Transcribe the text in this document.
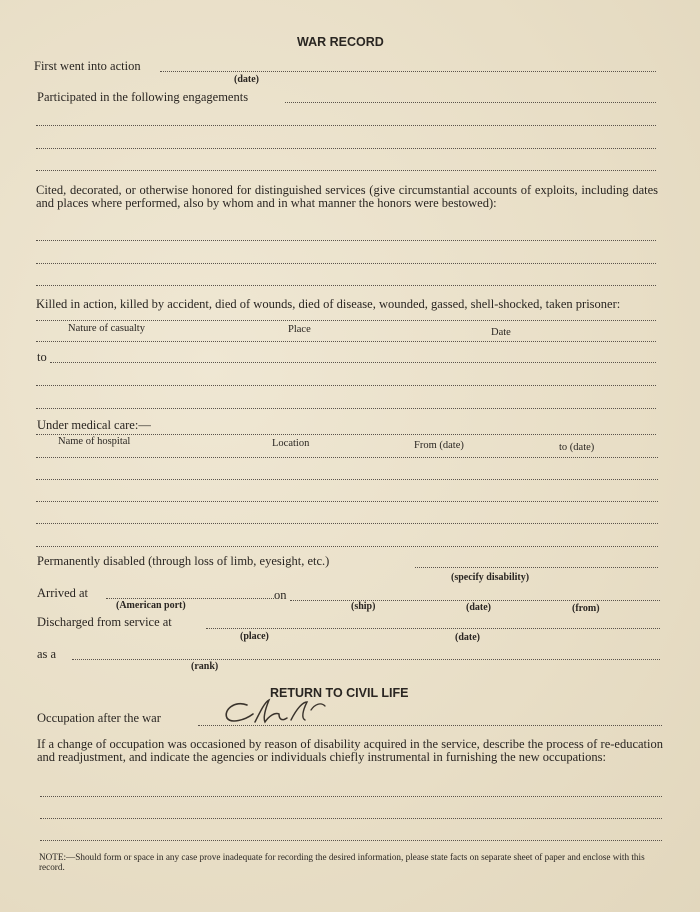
WAR RECORD
First went into action
(date)
Participated in the following engagements
Cited, decorated, or otherwise honored for distinguished services (give circumstantial accounts of exploits, including dates and places where performed, also by whom and in what manner the honors were bestowed):
Killed in action, killed by accident, died of wounds, died of disease, wounded, gassed, shell-shocked, taken prisoner:
Nature of casualty	Place	Date
to
Under medical care:—
Name of hospital	Location	From (date)	to (date)
Permanently disabled (through loss of limb, eyesight, etc.)
(specify disability)
Arrived at	on
(American port)	(ship)	(date)	(from)
Discharged from service at
(place)	(date)
as a
(rank)
RETURN TO CIVIL LIFE
Occupation after the war
If a change of occupation was occasioned by reason of disability acquired in the service, describe the process of re-education and readjustment, and indicate the agencies or individuals chiefly instrumental in furnishing the new occupations:
NOTE:—Should form or space in any case prove inadequate for recording the desired information, please state facts on separate sheet of paper and enclose with this record.
